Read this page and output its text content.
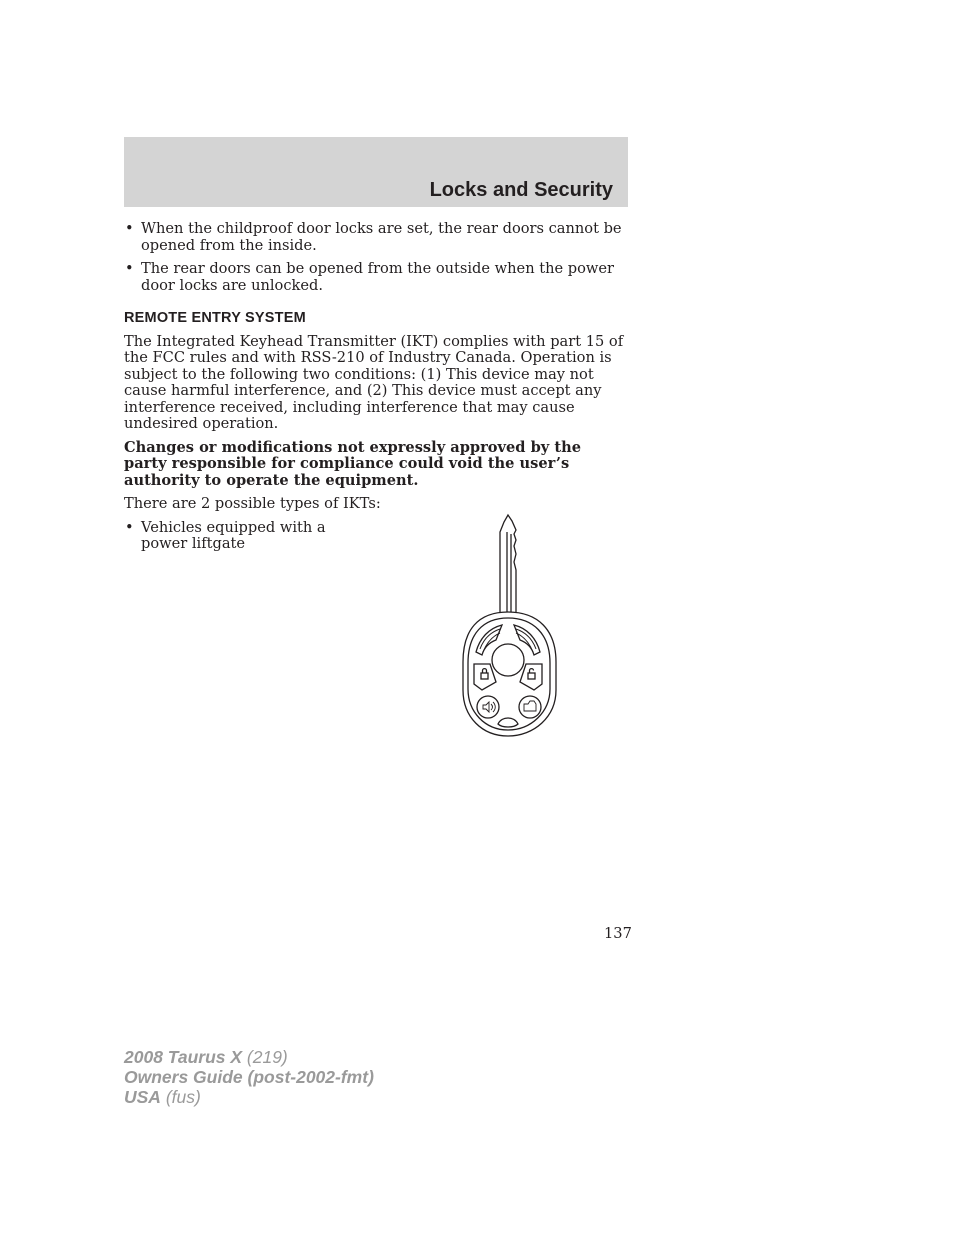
Locks and Security
• When the childproof door locks are set, the rear doors cannot be opened from the inside.
• The rear doors can be opened from the outside when the power door locks are unlocked.
REMOTE ENTRY SYSTEM

The Integrated Keyhead Transmitter (IKT) complies with part 15 of the FCC rules and with RSS-210 of Industry Canada. Operation is subject to the following two conditions: (1) This device may not cause harmful interference, and (2) This device must accept any interference received, including interference that may cause undesired operation.

Changes or modifications not expressly approved by the party responsible for compliance could void the user’s authority to operate the equipment.

There are 2 possible types of IKTs:

• Vehicles equipped with a power liftgate
137
2008 Taurus X (219)
Owners Guide (post-2002-fmt)
USA (fus)
